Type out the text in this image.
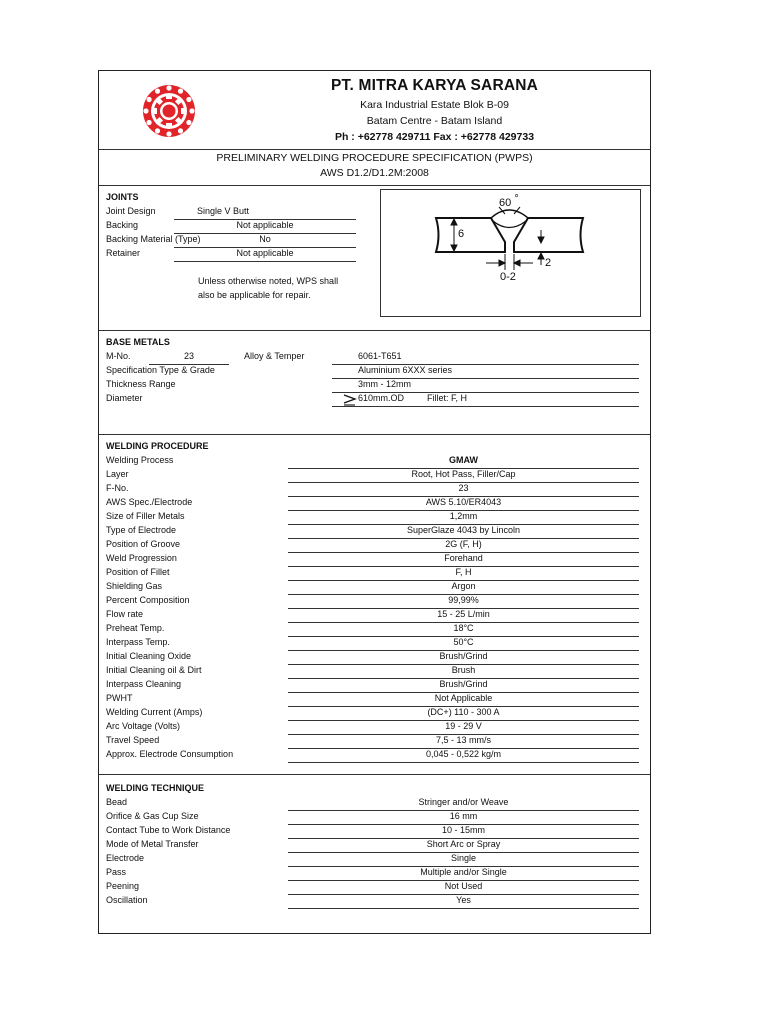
PT. MITRA KARYA SARANA
Kara Industrial Estate Blok B-09
Batam Centre - Batam Island
Ph : +62778 429711 Fax : +62778 429733
PRELIMINARY WELDING PROCEDURE SPECIFICATION (PWPS)
AWS D1.2/D1.2M:2008
JOINTS
Joint Design	Single V Butt
Backing	Not applicable
Backing Material (Type)	No
Retainer	Not applicable
Unless otherwise noted, WPS shall
also be applicable for repair.
60 °
6
2
0-2
BASE METALS
M-No.	23	Alloy & Temper	6061-T651
Specification Type & Grade	Aluminium 6XXX series
Thickness Range	3mm - 12mm
Diameter	610mm.OD	Fillet: F, H
WELDING PROCEDURE
Welding Process	GMAW
Layer	Root, Hot Pass, Filler/Cap
F-No.	23
AWS Spec./Electrode	AWS 5.10/ER4043
Size of Filler Metals	1,2mm
Type of Electrode	SuperGlaze 4043 by Lincoln
Position of Groove	2G (F, H)
Weld Progression	Forehand
Position of Fillet	F, H
Shielding Gas	Argon
Percent Composition	99,99%
Flow rate	15 - 25 L/min
Preheat Temp.	18°C
Interpass Temp.	50°C
Initial Cleaning Oxide	Brush/Grind
Initial Cleaning oil & Dirt	Brush
Interpass Cleaning	Brush/Grind
PWHT	Not Applicable
Welding Current (Amps)	(DC+) 110 - 300 A
Arc Voltage (Volts)	19 - 29 V
Travel Speed	7,5 - 13 mm/s
Approx. Electrode Consumption	0,045 - 0,522 kg/m
WELDING TECHNIQUE
Bead	Stringer and/or Weave
Orifice & Gas Cup Size	16 mm
Contact Tube to Work Distance	10 - 15mm
Mode of Metal Transfer	Short Arc or Spray
Electrode	Single
Pass	Multiple and/or Single
Peening	Not Used
Oscillation	Yes
